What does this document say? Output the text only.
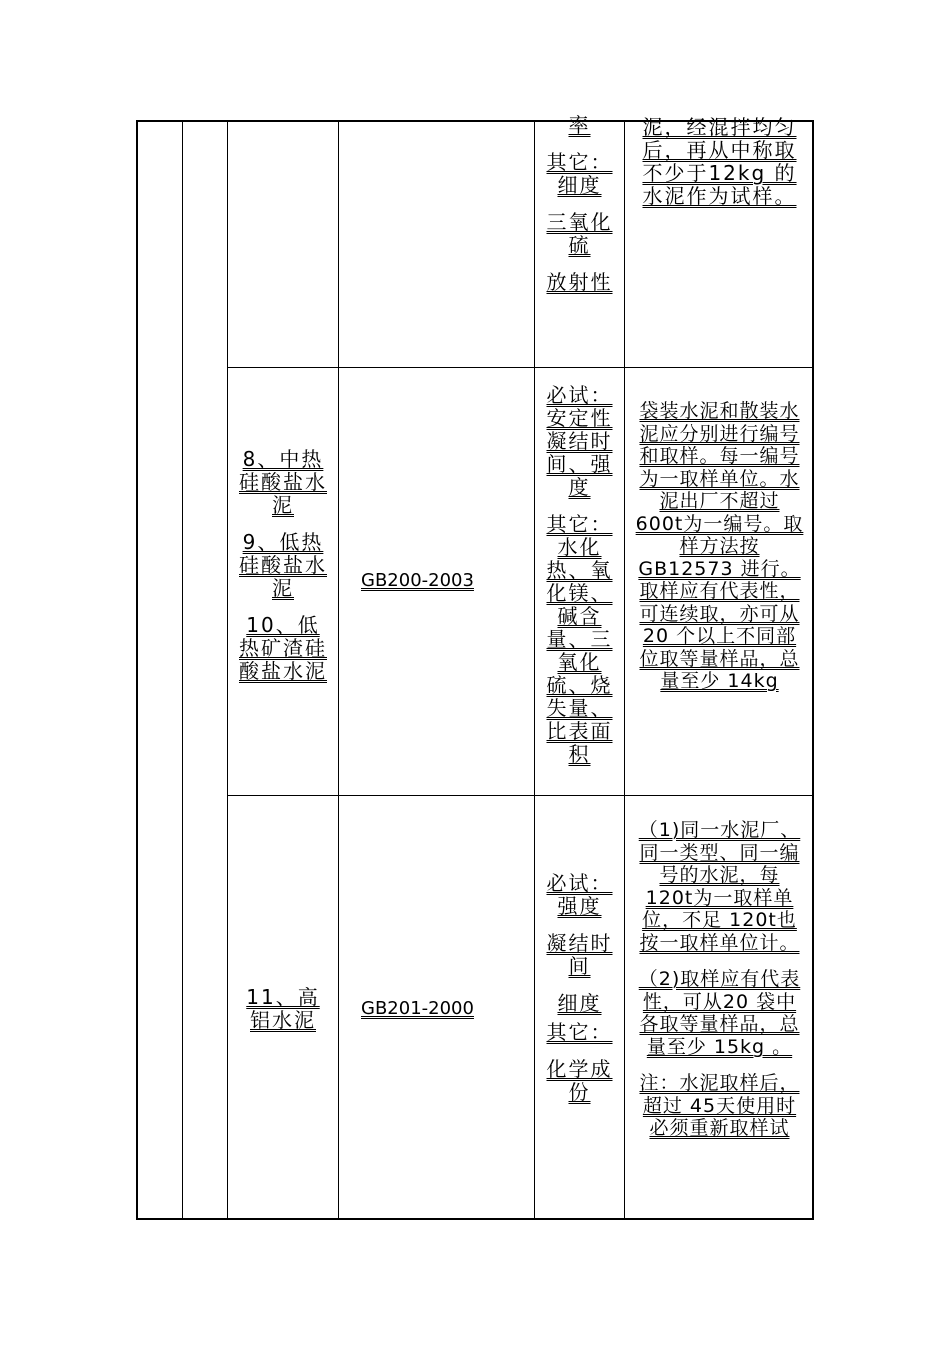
率
其它：细度
三氧化硫
放射性
泥，经混拌均匀后，再从中称取不少于12kg 的水泥作为试样。
8、中热硅酸盐水泥
9、低热硅酸盐水泥
10、低热矿渣硅酸盐水泥
GB200-2003
必试：安定性凝结时间、强度
其它：水化热、氧化镁、碱含量、三氧化硫、烧失量、比表面积
袋装水泥和散装水泥应分别进行编号和取样。每一编号为一取样单位。水泥出厂不超过 600t为一编号。取样方法按GB12573 进行。取样应有代表性，可连续取，亦可从20 个以上不同部位取等量样品，总量至少 14kg
11、高铝水泥	GB201-2000
必试：强度
凝结时间
细度
其它：
化学成份
（1)同一水泥厂、同一类型、同一编号的水泥，每 120t为一取样单位，不足 120t也按一取样单位计。
（2)取样应有代表性，可从20 袋中各取等量样品，总量至少 15kg 。
注：水泥取样后，超过 45天使用时必须重新取样试
